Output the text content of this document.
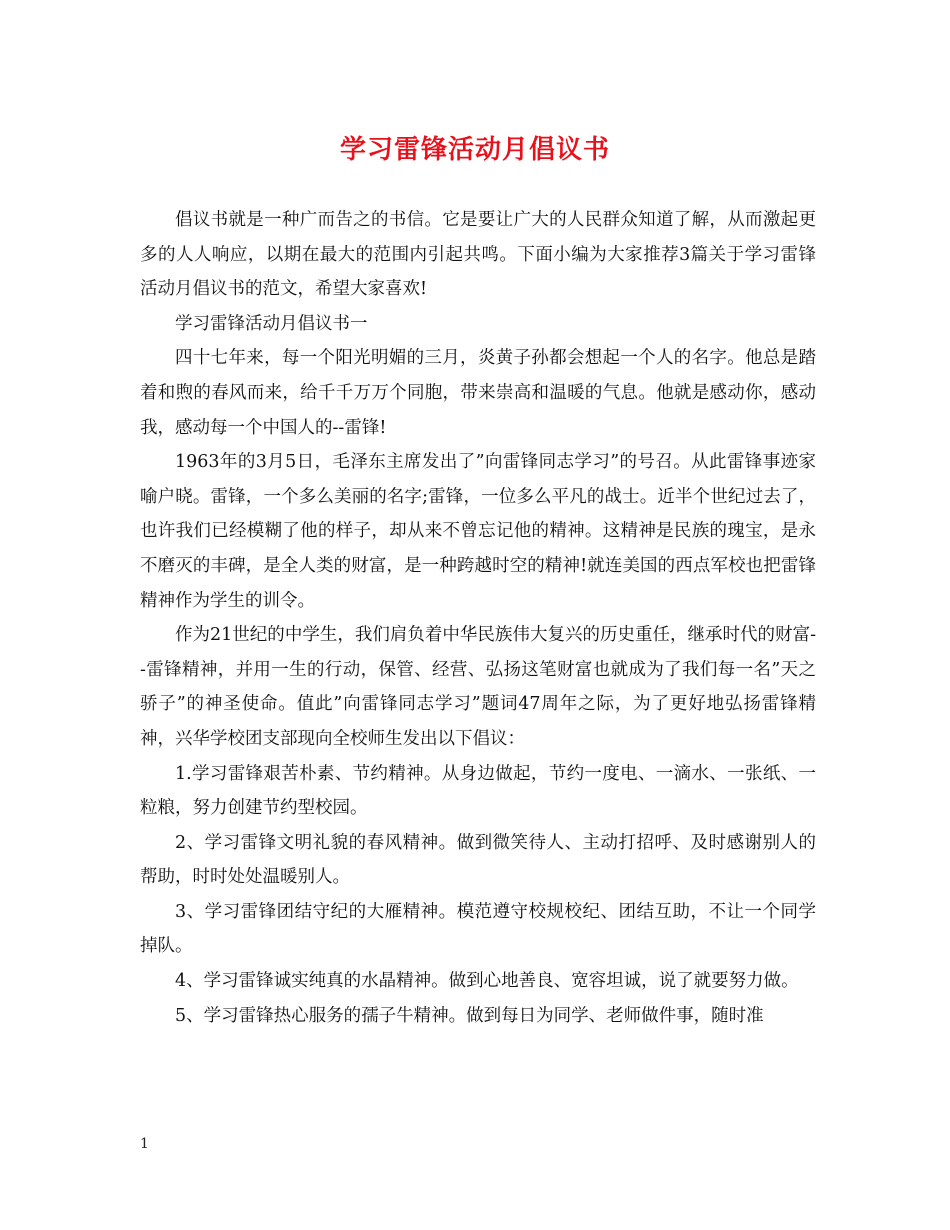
学习雷锋活动月倡议书

倡议书就是一种广而告之的书信。它是要让广大的人民群众知道了解，从而激起更多的人人响应，以期在最大的范围内引起共鸣。下面小编为大家推荐3篇关于学习雷锋活动月倡议书的范文，希望大家喜欢!

学习雷锋活动月倡议书一

四十七年来，每一个阳光明媚的三月，炎黄子孙都会想起一个人的名字。他总是踏着和煦的春风而来，给千千万万个同胞，带来崇高和温暖的气息。他就是感动你，感动我，感动每一个中国人的--雷锋!

1963年的3月5日，毛泽东主席发出了”向雷锋同志学习”的号召。从此雷锋事迹家喻户晓。雷锋，一个多么美丽的名字;雷锋，一位多么平凡的战士。近半个世纪过去了，也许我们已经模糊了他的样子，却从来不曾忘记他的精神。这精神是民族的瑰宝，是永不磨灭的丰碑，是全人类的财富，是一种跨越时空的精神!就连美国的西点军校也把雷锋精神作为学生的训令。

作为21世纪的中学生，我们肩负着中华民族伟大复兴的历史重任，继承时代的财富--雷锋精神，并用一生的行动，保管、经营、弘扬这笔财富也就成为了我们每一名”天之骄子”的神圣使命。值此”向雷锋同志学习”题词47周年之际，为了更好地弘扬雷锋精神，兴华学校团支部现向全校师生发出以下倡议：

1.学习雷锋艰苦朴素、节约精神。从身边做起，节约一度电、一滴水、一张纸、一粒粮，努力创建节约型校园。

2、学习雷锋文明礼貌的春风精神。做到微笑待人、主动打招呼、及时感谢别人的帮助，时时处处温暖别人。

3、学习雷锋团结守纪的大雁精神。模范遵守校规校纪、团结互助，不让一个同学掉队。

4、学习雷锋诚实纯真的水晶精神。做到心地善良、宽容坦诚，说了就要努力做。

5、学习雷锋热心服务的孺子牛精神。做到每日为同学、老师做件事，随时准

1
